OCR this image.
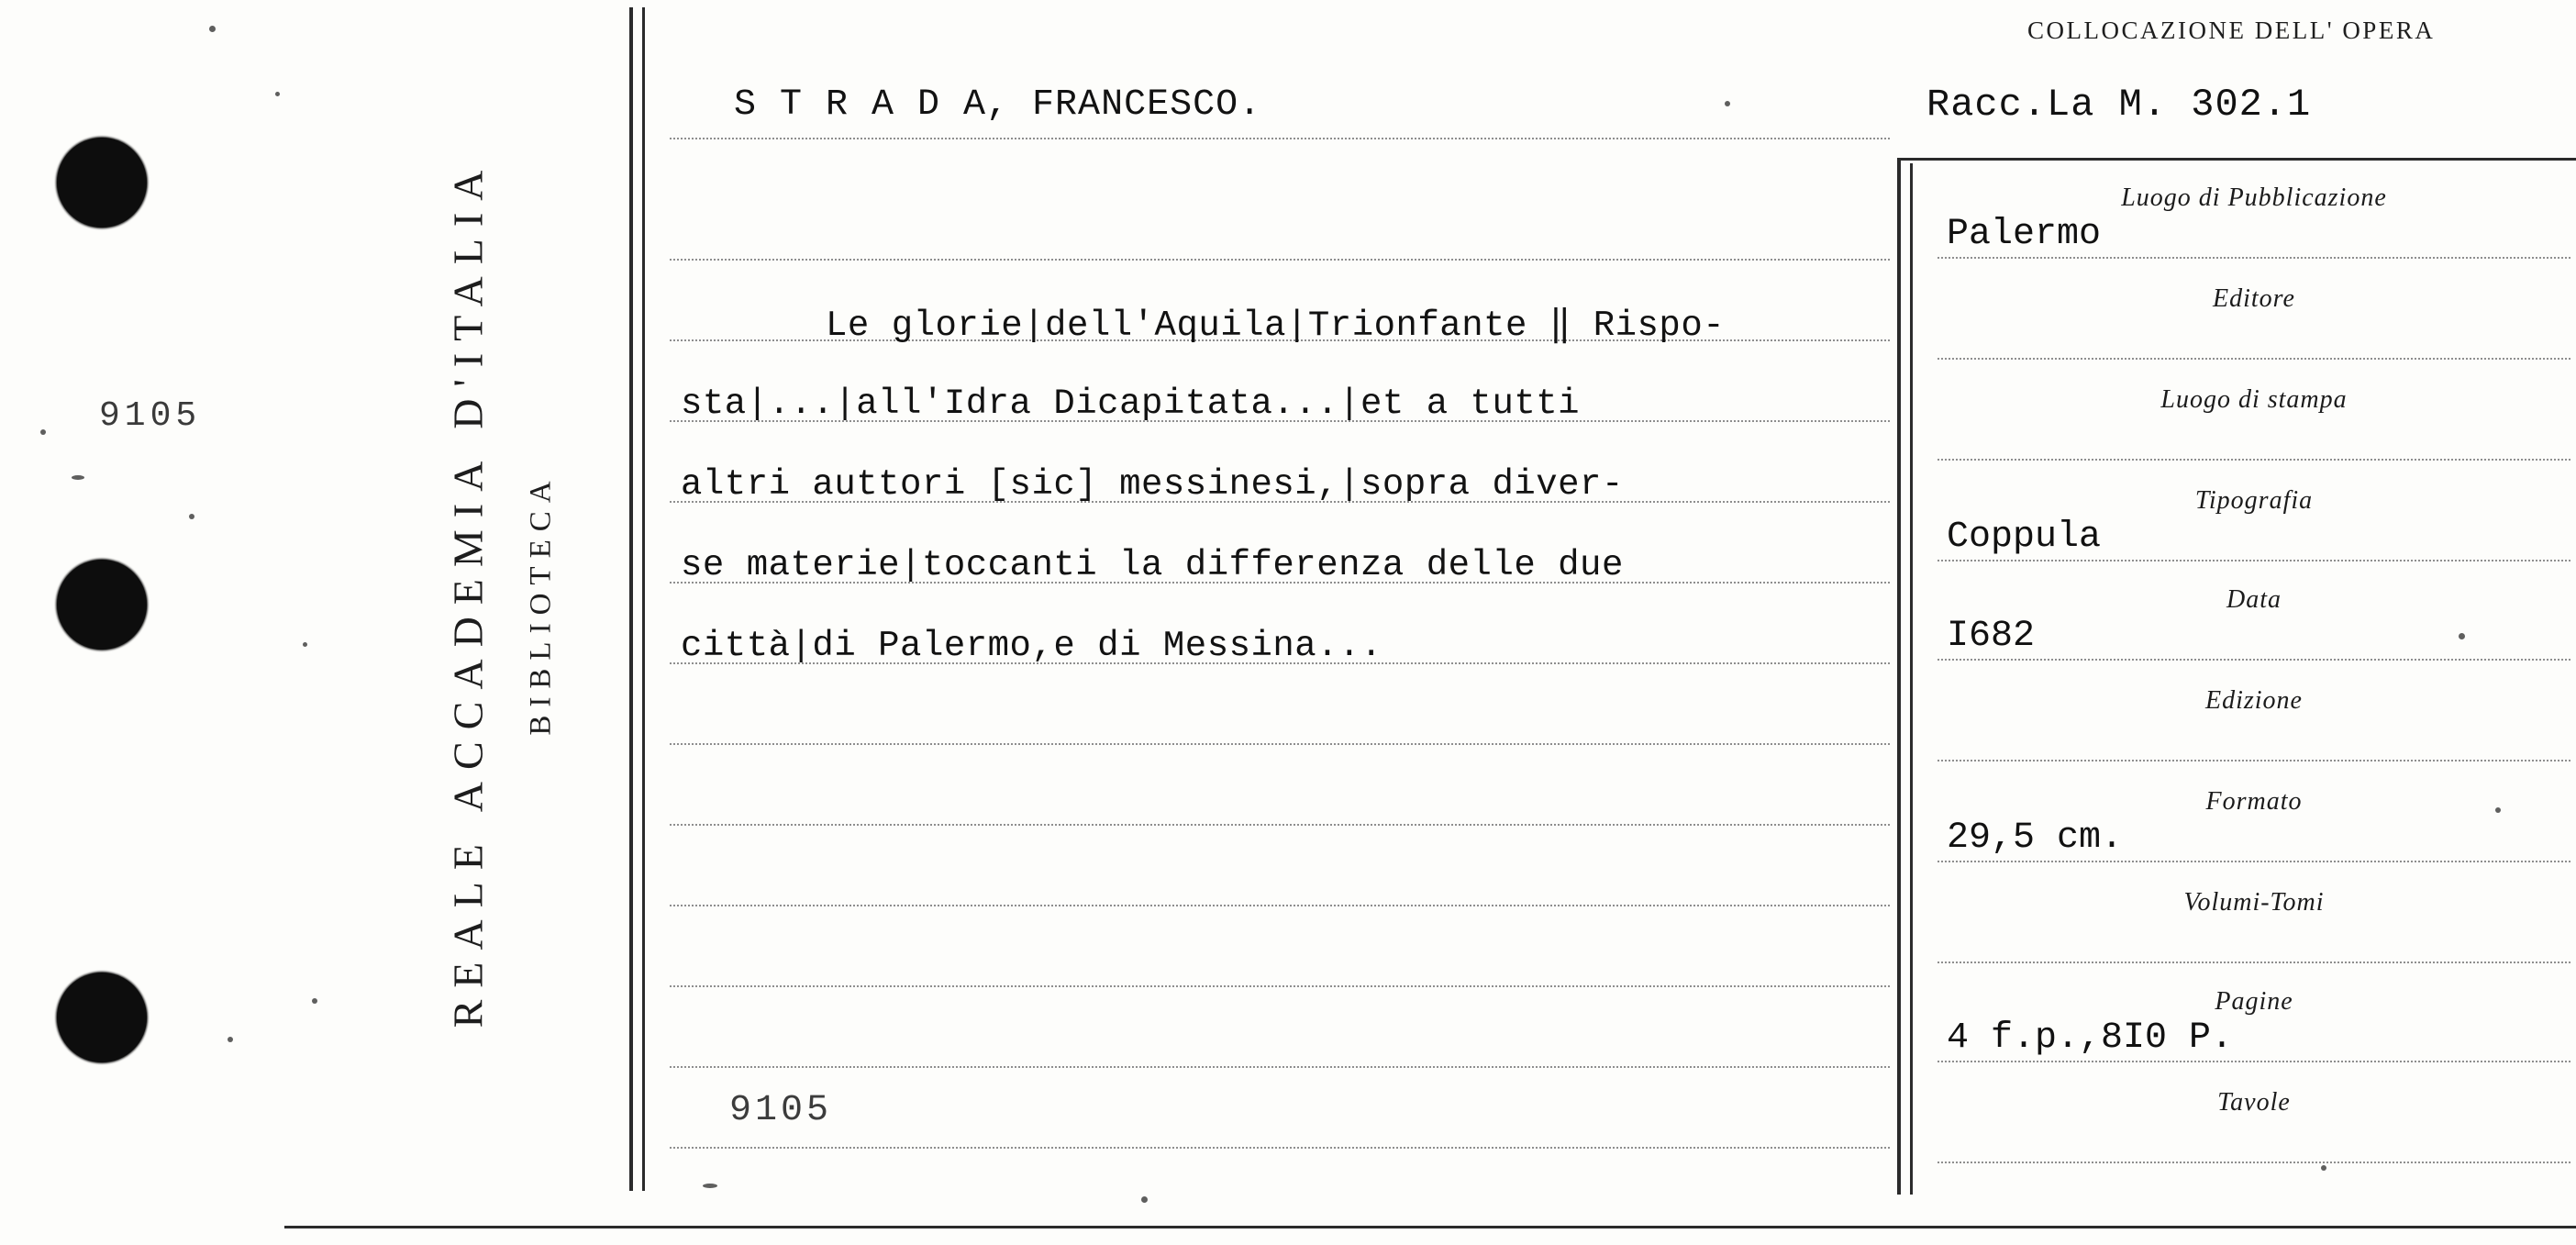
9105	REALE ACCADEMIA D'ITALIA BIBLIOTECA
S T R A D A, FRANCESCO.
Le glorie|dell'Aquila|Trionfante ‖ Rispo-
sta|...|all'Idra Dicapitata...|et a tutti
altri auttori [sic] messinesi,|sopra diver-
se materie|toccanti la differenza delle due
città|di Palermo,e di Messina...
9105
COLLOCAZIONE DELL' OPERA
Racc.La M. 302.1
Luogo di Pubblicazione
Palermo
Editore
Luogo di stampa
Tipografia
Coppula
Data
I682
Edizione
Formato
29,5 cm.
Volumi-Tomi
Pagine
4 f.p.,8I0 P.
Tavole
